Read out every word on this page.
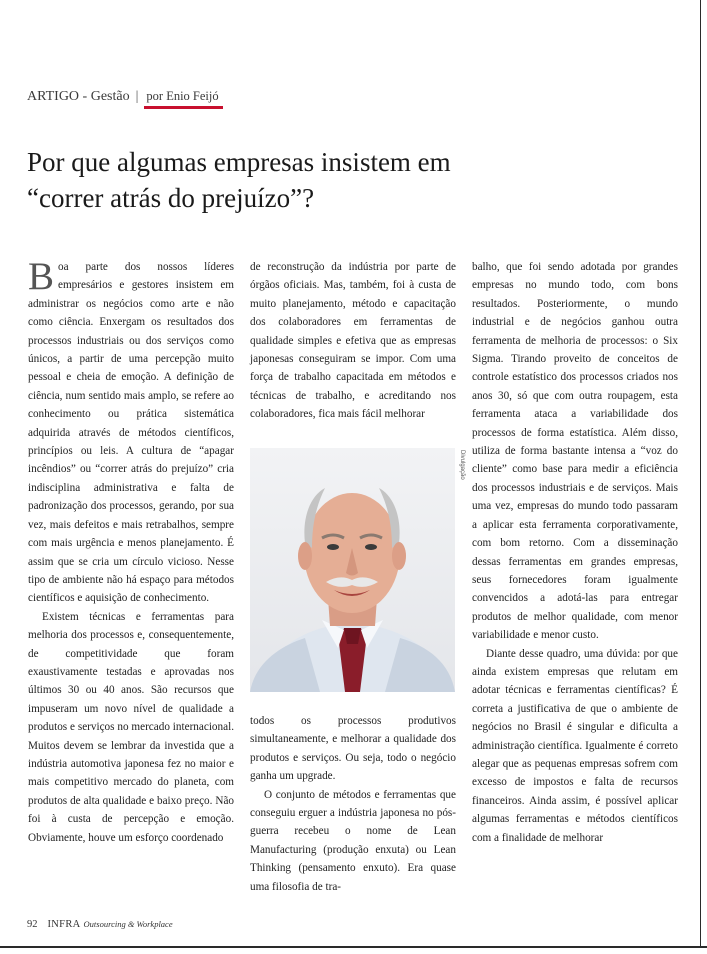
ARTIGO - Gestão | por Enio Feijó
Por que algumas empresas insistem em “correr atrás do prejuízo”?

Boa parte dos nossos líderes empresários e gestores insistem em administrar os negócios como arte e não como ciência. Enxergam os resultados dos processos industriais ou dos serviços como únicos, a partir de uma percepção muito pessoal e cheia de emoção. A definição de ciência, num sentido mais amplo, se refere ao conhecimento ou prática sistemática adquirida através de métodos científicos, princípios ou leis. A cultura de “apagar incêndios” ou “correr atrás do prejuízo” cria indisciplina administrativa e falta de padronização dos processos, gerando, por sua vez, mais defeitos e mais retrabalhos, sempre com mais urgência e menos planejamento. É assim que se cria um círculo vicioso. Nesse tipo de ambiente não há espaço para métodos científicos e aquisição de conhecimento.

Existem técnicas e ferramentas para melhoria dos processos e, consequentemente, de competitividade que foram exaustivamente testadas e aprovadas nos últimos 30 ou 40 anos. São recursos que impuseram um novo nível de qualidade a produtos e serviços no mercado internacional. Muitos devem se lembrar da investida que a indústria automotiva japonesa fez no maior e mais competitivo mercado do planeta, com produtos de alta qualidade e baixo preço. Não foi à custa de percepção e emoção. Obviamente, houve um esforço coordenado

de reconstrução da indústria por parte de órgãos oficiais. Mas, também, foi à custa de muito planejamento, método e capacitação dos colaboradores em ferramentas de qualidade simples e efetiva que as empresas japonesas conseguiram se impor. Com uma força de trabalho capacitada em métodos e técnicas de trabalho, e acreditando nos colaboradores, fica mais fácil melhorar

Divulgação

todos os processos produtivos simultaneamente, e melhorar a qualidade dos produtos e serviços. Ou seja, todo o negócio ganha um upgrade.

O conjunto de métodos e ferramentas que conseguiu erguer a indústria japonesa no pós-guerra recebeu o nome de Lean Manufacturing (produção enxuta) ou Lean Thinking (pensamento enxuto). Era quase uma filosofia de tra-

balho, que foi sendo adotada por grandes empresas no mundo todo, com bons resultados. Posteriormente, o mundo industrial e de negócios ganhou outra ferramenta de melhoria de processos: o Six Sigma. Tirando proveito de conceitos de controle estatístico dos processos criados nos anos 30, só que com outra roupagem, esta ferramenta ataca a variabilidade dos processos de forma estatística. Além disso, utiliza de forma bastante intensa a “voz do cliente” como base para medir a eficiência dos processos industriais e de serviços. Mais uma vez, empresas do mundo todo passaram a aplicar esta ferramenta corporativamente, com bom retorno. Com a disseminação dessas ferramentas em grandes empresas, seus fornecedores foram igualmente convencidos a adotá-las para entregar produtos de melhor qualidade, com menor variabilidade e menor custo.

Diante desse quadro, uma dúvida: por que ainda existem empresas que relutam em adotar técnicas e ferramentas científicas? É correta a justificativa de que o ambiente de negócios no Brasil é singular e dificulta a administração científica. Igualmente é correto alegar que as pequenas empresas sofrem com excesso de impostos e falta de recursos financeiros. Ainda assim, é possível aplicar algumas ferramentas e métodos científicos com a finalidade de melhorar

92 INFRA Outsourcing & Workplace
